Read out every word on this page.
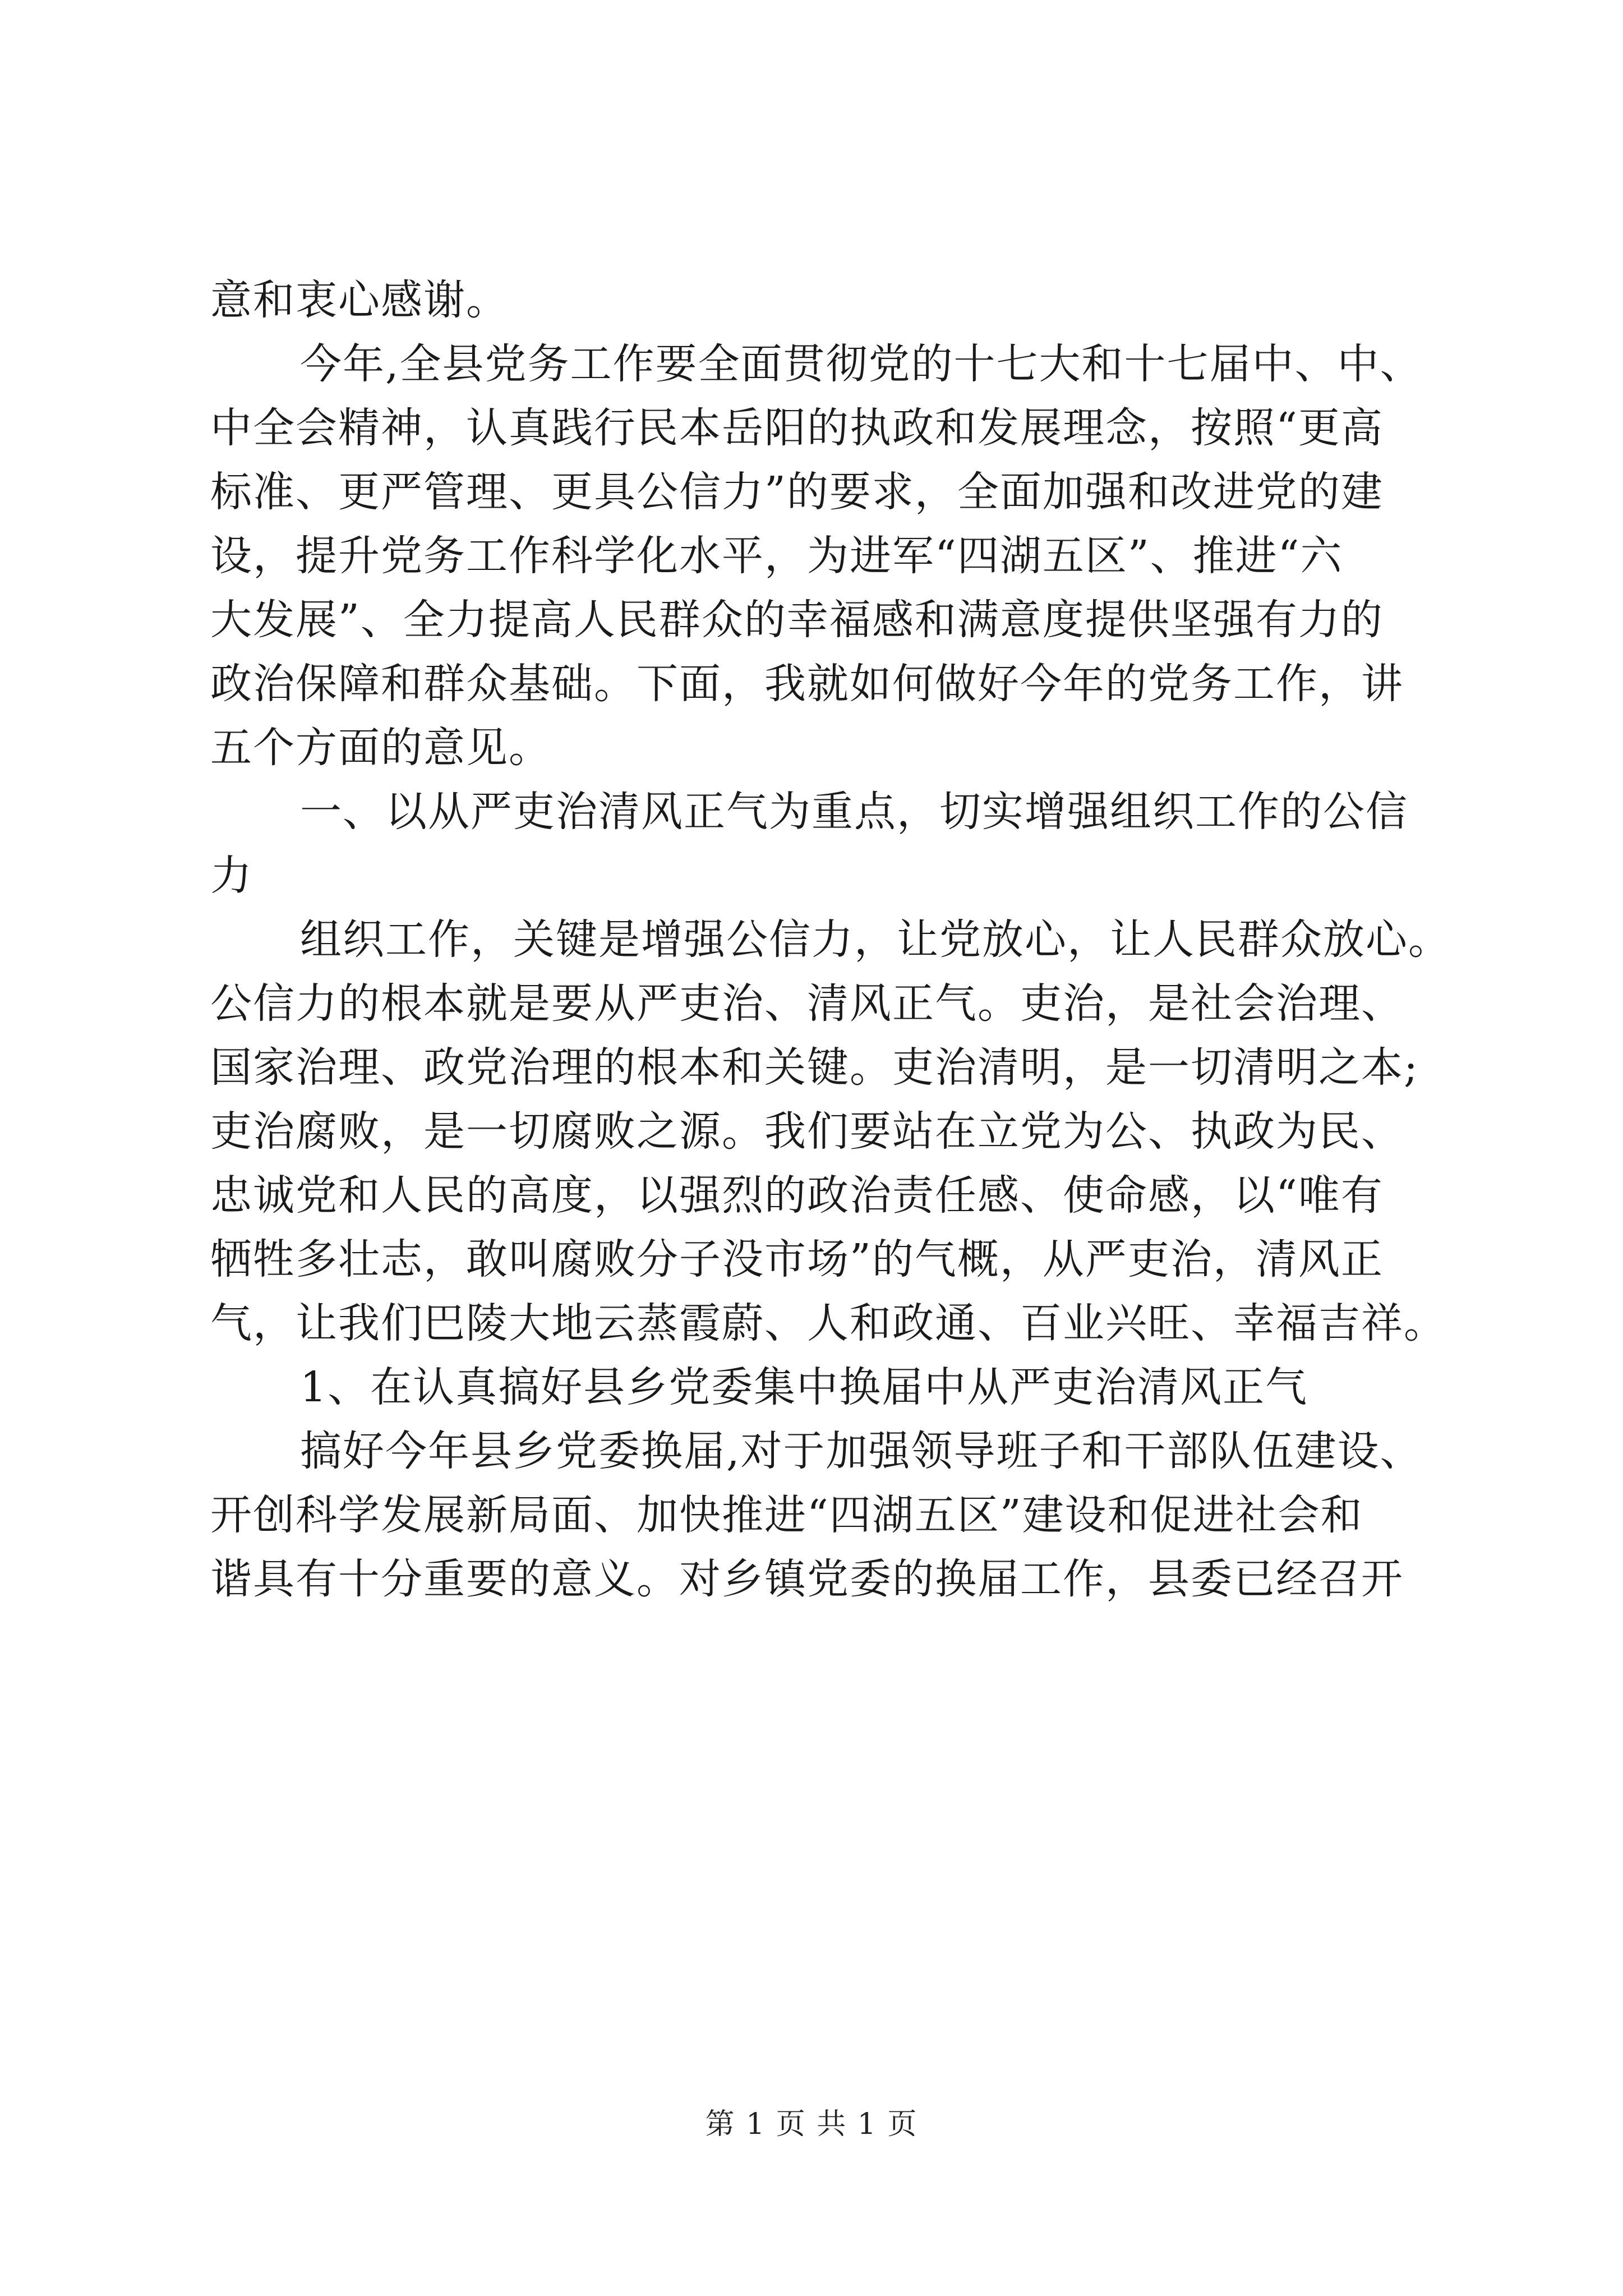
意和衷心感谢。
今年,全县党务工作要全面贯彻党的十七大和十七届中、中、
中全会精神，认真践行民本岳阳的执政和发展理念，按照“更高
标准、更严管理、更具公信力”的要求，全面加强和改进党的建
设，提升党务工作科学化水平，为进军“四湖五区”、推进“六
大发展”、全力提高人民群众的幸福感和满意度提供坚强有力的
政治保障和群众基础。下面，我就如何做好今年的党务工作，讲
五个方面的意见。
一、以从严吏治清风正气为重点，切实增强组织工作的公信
力
组织工作，关键是增强公信力，让党放心，让人民群众放心。
公信力的根本就是要从严吏治、清风正气。吏治，是社会治理、
国家治理、政党治理的根本和关键。吏治清明，是一切清明之本;
吏治腐败，是一切腐败之源。我们要站在立党为公、执政为民、
忠诚党和人民的高度，以强烈的政治责任感、使命感，以“唯有
牺牲多壮志，敢叫腐败分子没市场”的气概，从严吏治，清风正
气，让我们巴陵大地云蒸霞蔚、人和政通、百业兴旺、幸福吉祥。
1、在认真搞好县乡党委集中换届中从严吏治清风正气
搞好今年县乡党委换届,对于加强领导班子和干部队伍建设、
开创科学发展新局面、加快推进“四湖五区”建设和促进社会和
谐具有十分重要的意义。对乡镇党委的换届工作，县委已经召开
第 1 页 共 1 页
